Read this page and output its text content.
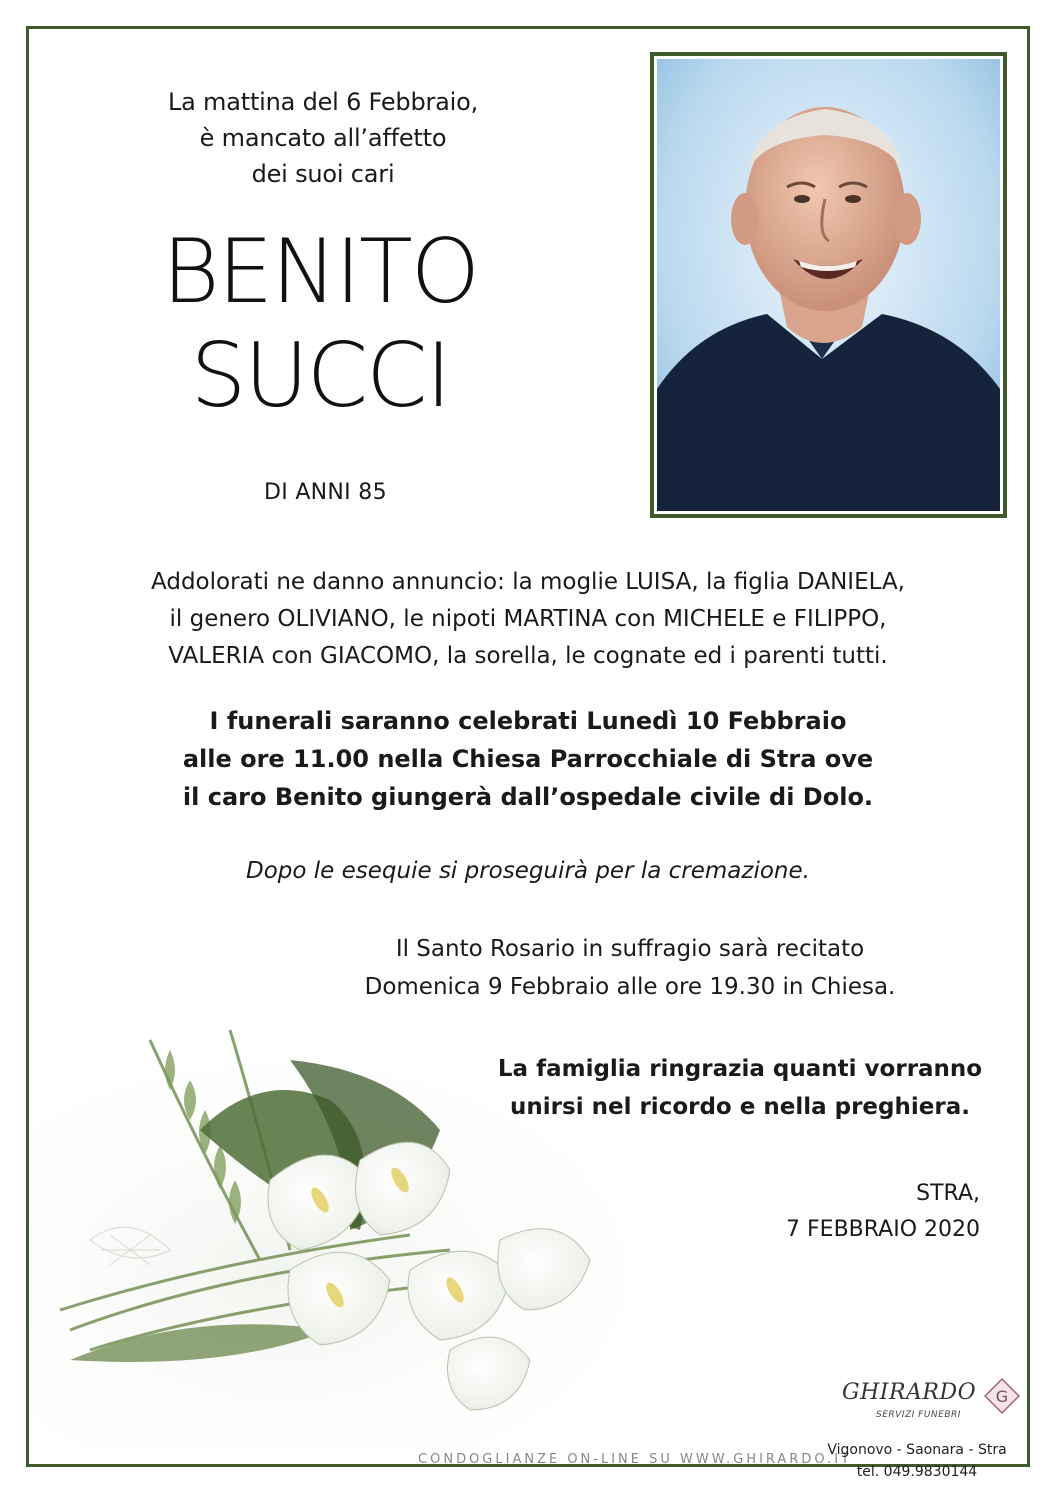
La mattina del 6 Febbraio,
è mancato all’affetto
dei suoi cari
BENITO
SUCCI
DI ANNI 85
Addolorati ne danno annuncio: la moglie LUISA, la figlia DANIELA,
il genero OLIVIANO, le nipoti MARTINA con MICHELE e FILIPPO,
VALERIA con GIACOMO, la sorella, le cognate ed i parenti tutti.
I funerali saranno celebrati Lunedì 10 Febbraio
alle ore 11.00 nella Chiesa Parrocchiale di Stra ove
il caro Benito giungerà dall’ospedale civile di Dolo.
Dopo le esequie si proseguirà per la cremazione.
Il Santo Rosario in suffragio sarà recitato
Domenica 9 Febbraio alle ore 19.30 in Chiesa.
La famiglia ringrazia quanti vorranno
unirsi nel ricordo e nella preghiera.
STRA,
7 FEBBRAIO 2020
CONDOGLIANZE ON-LINE SU WWW.GHIRARDO.IT
GHIRARDO
SERVIZI FUNEBRI
G
Vigonovo - Saonara - Stra
tel. 049.9830144
